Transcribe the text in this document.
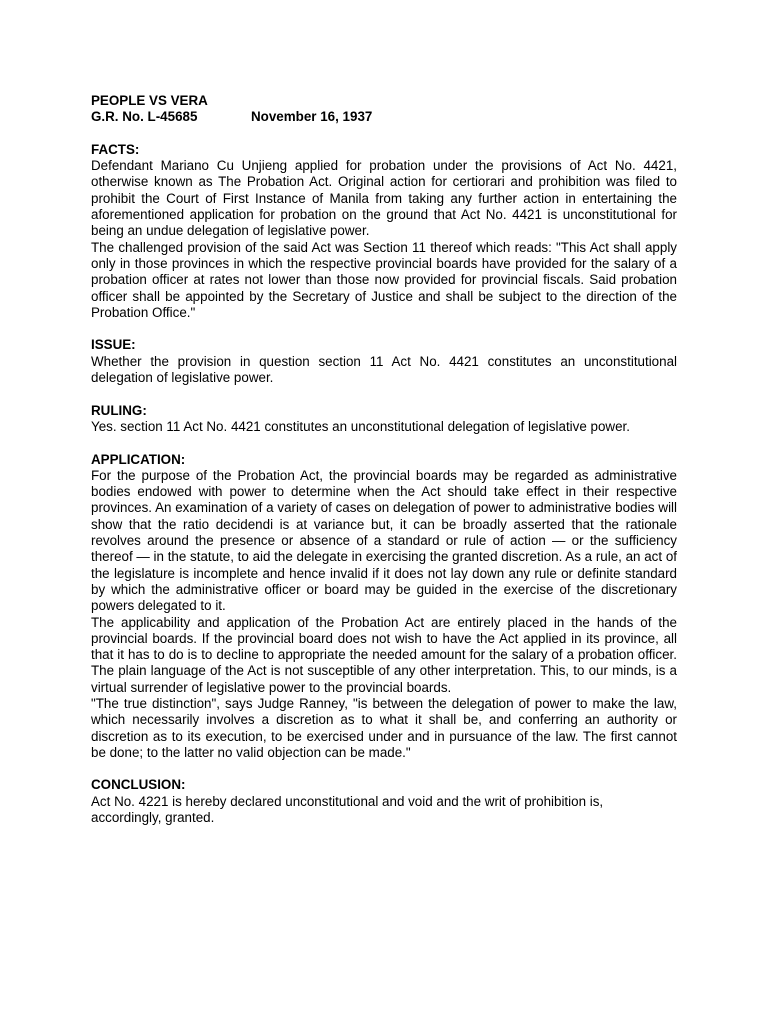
PEOPLE VS VERA

G.R. No. L-45685	November 16, 1937

FACTS:

Defendant Mariano Cu Unjieng applied for probation under the provisions of Act No. 4421, otherwise known as The Probation Act. Original action for certiorari and prohibition was filed to prohibit the Court of First Instance of Manila from taking any further action in entertaining the aforementioned application for probation on the ground that Act No. 4421 is unconstitutional for being an undue delegation of legislative power.

The challenged provision of the said Act was Section 11 thereof which reads: "This Act shall apply only in those provinces in which the respective provincial boards have provided for the salary of a probation officer at rates not lower than those now provided for provincial fiscals. Said probation officer shall be appointed by the Secretary of Justice and shall be subject to the direction of the Probation Office."

ISSUE:

Whether the provision in question section 11 Act No. 4421 constitutes an unconstitutional delegation of legislative power.

RULING:

Yes. section 11 Act No. 4421 constitutes an unconstitutional delegation of legislative power.

APPLICATION:

For the purpose of the Probation Act, the provincial boards may be regarded as administrative bodies endowed with power to determine when the Act should take effect in their respective provinces. An examination of a variety of cases on delegation of power to administrative bodies will show that the ratio decidendi is at variance but, it can be broadly asserted that the rationale revolves around the presence or absence of a standard or rule of action — or the sufficiency thereof — in the statute, to aid the delegate in exercising the granted discretion. As a rule, an act of the legislature is incomplete and hence invalid if it does not lay down any rule or definite standard by which the administrative officer or board may be guided in the exercise of the discretionary powers delegated to it.

The applicability and application of the Probation Act are entirely placed in the hands of the provincial boards. If the provincial board does not wish to have the Act applied in its province, all that it has to do is to decline to appropriate the needed amount for the salary of a probation officer. The plain language of the Act is not susceptible of any other interpretation. This, to our minds, is a virtual surrender of legislative power to the provincial boards.

"The true distinction", says Judge Ranney, "is between the delegation of power to make the law, which necessarily involves a discretion as to what it shall be, and conferring an authority or discretion as to its execution, to be exercised under and in pursuance of the law. The first cannot be done; to the latter no valid objection can be made."

CONCLUSION:

Act No. 4221 is hereby declared unconstitutional and void and the writ of prohibition is, accordingly, granted.
